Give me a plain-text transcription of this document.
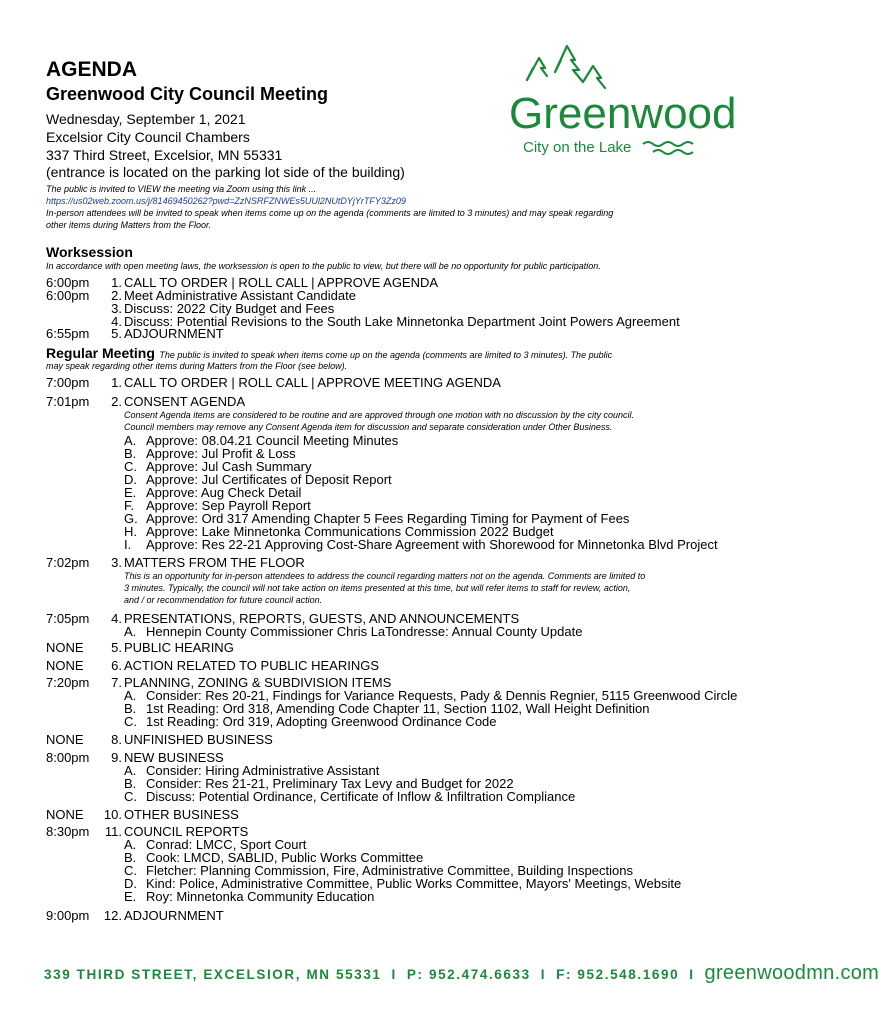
AGENDA
Greenwood City Council Meeting
Wednesday, September 1, 2021
Excelsior City Council Chambers
337 Third Street, Excelsior, MN 55331
(entrance is located on the parking lot side of the building)
The public is invited to VIEW the meeting via Zoom using this link ...
https://us02web.zoom.us/j/81469450262?pwd=ZzNSRFZNWEs5UUl2NUtDYjYrTFY3Zz09
In-person attendees will be invited to speak when items come up on the agenda (comments are limited to 3 minutes) and may speak regarding
other items during Matters from the Floor.
Greenwood
City on the Lake
Worksession
In accordance with open meeting laws, the worksession is open to the public to view, but there will be no opportunity for public participation.
6:00pm	1. CALL TO ORDER | ROLL CALL | APPROVE AGENDA
6:00pm	2. Meet Administrative Assistant Candidate
3. Discuss: 2022 City Budget and Fees
4. Discuss: Potential Revisions to the South Lake Minnetonka Department Joint Powers Agreement
6:55pm	5. ADJOURNMENT
Regular Meeting The public is invited to speak when items come up on the agenda (comments are limited to 3 minutes). The public
may speak regarding other items during Matters from the Floor (see below).
7:00pm	1. CALL TO ORDER | ROLL CALL | APPROVE MEETING AGENDA
7:01pm	2. CONSENT AGENDA
Consent Agenda items are considered to be routine and are approved through one motion with no discussion by the city council.
Council members may remove any Consent Agenda item for discussion and separate consideration under Other Business.
A. Approve: 08.04.21 Council Meeting Minutes
B. Approve: Jul Profit & Loss
C. Approve: Jul Cash Summary
D. Approve: Jul Certificates of Deposit Report
E. Approve: Aug Check Detail
F. Approve: Sep Payroll Report
G. Approve: Ord 317 Amending Chapter 5 Fees Regarding Timing for Payment of Fees
H. Approve: Lake Minnetonka Communications Commission 2022 Budget
I. Approve: Res 22-21 Approving Cost-Share Agreement with Shorewood for Minnetonka Blvd Project
7:02pm	3. MATTERS FROM THE FLOOR
This is an opportunity for in-person attendees to address the council regarding matters not on the agenda. Comments are limited to
3 minutes. Typically, the council will not take action on items presented at this time, but will refer items to staff for review, action,
and / or recommendation for future council action.
7:05pm	4. PRESENTATIONS, REPORTS, GUESTS, AND ANNOUNCEMENTS
A. Hennepin County Commissioner Chris LaTondresse: Annual County Update
NONE	5. PUBLIC HEARING
NONE	6. ACTION RELATED TO PUBLIC HEARINGS
7:20pm	7. PLANNING, ZONING & SUBDIVISION ITEMS
A. Consider: Res 20-21, Findings for Variance Requests, Pady & Dennis Regnier, 5115 Greenwood Circle
B. 1st Reading: Ord 318, Amending Code Chapter 11, Section 1102, Wall Height Definition
C. 1st Reading: Ord 319, Adopting Greenwood Ordinance Code
NONE	8. UNFINISHED BUSINESS
8:00pm	9. NEW BUSINESS
A. Consider: Hiring Administrative Assistant
B. Consider: Res 21-21, Preliminary Tax Levy and Budget for 2022
C. Discuss: Potential Ordinance, Certificate of Inflow & Infiltration Compliance
NONE	10. OTHER BUSINESS
8:30pm	11. COUNCIL REPORTS
A. Conrad: LMCC, Sport Court
B. Cook: LMCD, SABLID, Public Works Committee
C. Fletcher: Planning Commission, Fire, Administrative Committee, Building Inspections
D. Kind: Police, Administrative Committee, Public Works Committee, Mayors' Meetings, Website
E. Roy: Minnetonka Community Education
9:00pm	12. ADJOURNMENT
339 THIRD STREET, EXCELSIOR, MN 55331 I P: 952.474.6633 I F: 952.548.1690 I greenwoodmn.com
